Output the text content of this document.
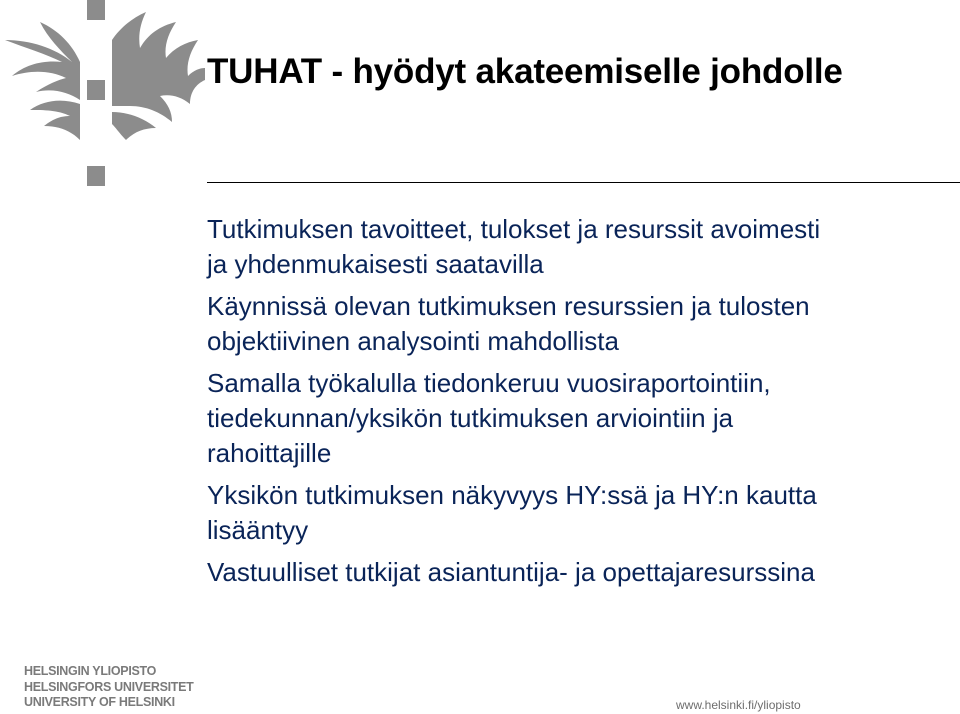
TUHAT - hyödyt akateemiselle johdolle
Tutkimuksen tavoitteet, tulokset ja resurssit avoimesti
ja yhdenmukaisesti saatavilla
Käynnissä olevan tutkimuksen resurssien ja tulosten
objektiivinen analysointi mahdollista
Samalla työkalulla tiedonkeruu vuosiraportointiin,
tiedekunnan/yksikön tutkimuksen arviointiin ja
rahoittajille
Yksikön tutkimuksen näkyvyys HY:ssä ja HY:n kautta
lisääntyy
Vastuulliset tutkijat asiantuntija- ja opettajaresurssina
HELSINGIN YLIOPISTO
HELSINGFORS UNIVERSITET
UNIVERSITY OF HELSINKI	www.helsinki.fi/yliopisto
